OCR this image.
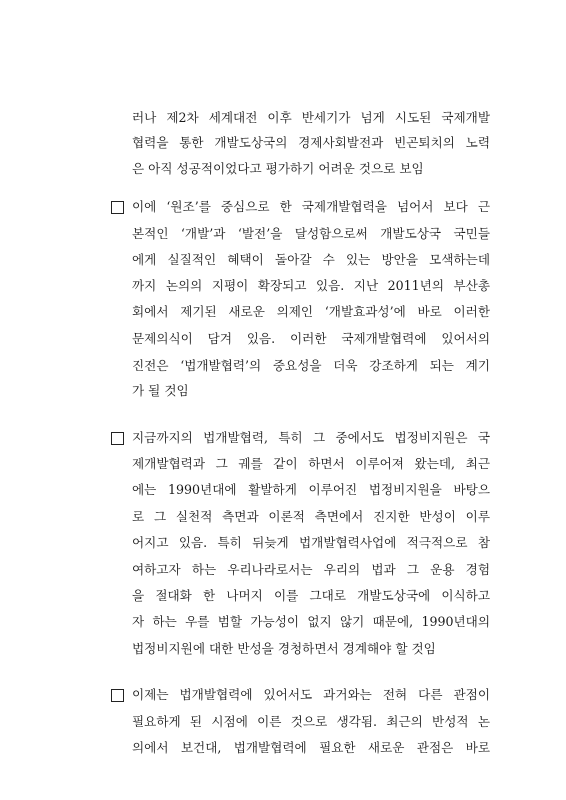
러나 제2차 세계대전 이후 반세기가 넘게 시도된 국제개발
협력을 통한 개발도상국의 경제사회발전과 빈곤퇴치의 노력
은 아직 성공적이었다고 평가하기 어려운 것으로 보임
이에 ‘원조’를 중심으로 한 국제개발협력을 넘어서 보다 근
본적인 ‘개발’과 ‘발전’을 달성함으로써 개발도상국 국민들
에게 실질적인 혜택이 돌아갈 수 있는 방안을 모색하는데
까지 논의의 지평이 확장되고 있음. 지난 2011년의 부산총
회에서 제기된 새로운 의제인 ‘개발효과성’에 바로 이러한
문제의식이 담겨 있음. 이러한 국제개발협력에 있어서의
진전은 ‘법개발협력’의 중요성을 더욱 강조하게 되는 계기
가 될 것임
지금까지의 법개발협력, 특히 그 중에서도 법정비지원은 국
제개발협력과 그 궤를 같이 하면서 이루어져 왔는데, 최근
에는 1990년대에 활발하게 이루어진 법정비지원을 바탕으
로 그 실천적 측면과 이론적 측면에서 진지한 반성이 이루
어지고 있음. 특히 뒤늦게 법개발협력사업에 적극적으로 참
여하고자 하는 우리나라로서는 우리의 법과 그 운용 경험
을 절대화 한 나머지 이를 그대로 개발도상국에 이식하고
자 하는 우를 범할 가능성이 없지 않기 때문에, 1990년대의
법정비지원에 대한 반성을 경청하면서 경계해야 할 것임
이제는 법개발협력에 있어서도 과거와는 전혀 다른 관점이
필요하게 된 시점에 이른 것으로 생각됨. 최근의 반성적 논
의에서 보건대, 법개발협력에 필요한 새로운 관점은 바로
